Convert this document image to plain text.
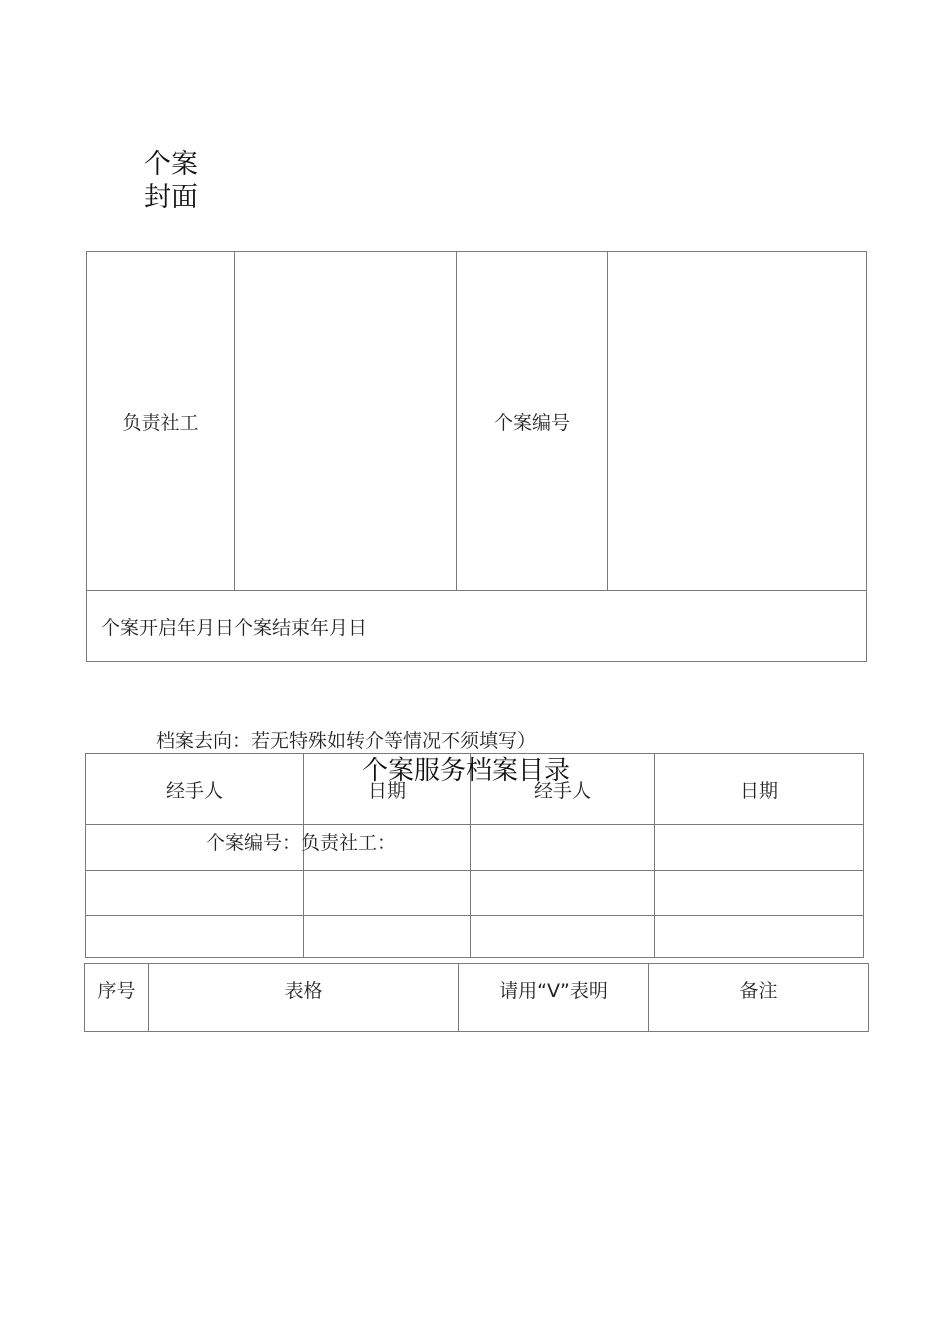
个案
封面
负责社工	个案编号
个案开启年月日个案结束年月日
档案去向：若无特殊如转介等情况不须填写）
经手人	日期	经手人	日期
个案服务档案目录
个案编号：负责社工：
序号	表格	请用“V”表明	备注
